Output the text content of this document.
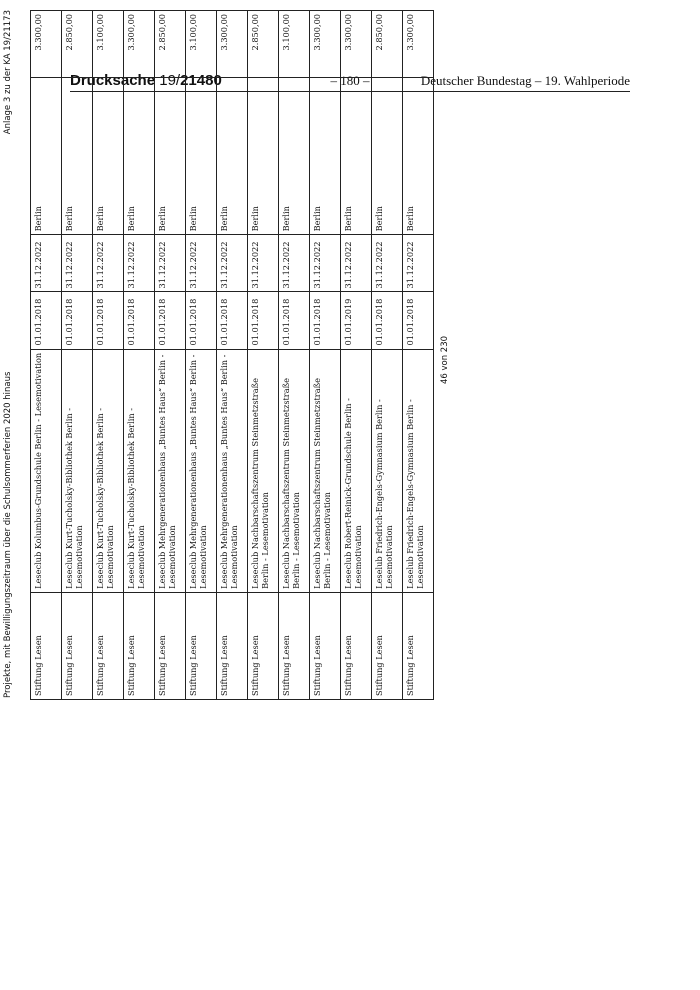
Drucksache 19/21480	– 180 –	Deutscher Bundestag – 19. Wahlperiode
Projekte, mit Bewilligungszeitraum über die Schulsommerferien 2020 hinaus
Anlage 3 zu der KA 19/21173
Stiftung Lesen	Leseclub Kolumbus-Grundschule Berlin - Lesemotivation	01.01.2018	31.12.2022	Berlin	3.300,00
Stiftung Lesen	Leseclub Kurt-Tucholsky-Bibliothek Berlin - Lesemotivation	01.01.2018	31.12.2022	Berlin	2.850,00
Stiftung Lesen	Leseclub Kurt-Tucholsky-Bibliothek Berlin - Lesemotivation	01.01.2018	31.12.2022	Berlin	3.100,00
Stiftung Lesen	Leseclub Kurt-Tucholsky-Bibliothek Berlin - Lesemotivation	01.01.2018	31.12.2022	Berlin	3.300,00
Stiftung Lesen	Leseclub Mehrgenerationenhaus „Buntes Haus“ Berlin - Lesemotivation	01.01.2018	31.12.2022	Berlin	2.850,00
Stiftung Lesen	Leseclub Mehrgenerationenhaus „Buntes Haus“ Berlin - Lesemotivation	01.01.2018	31.12.2022	Berlin	3.100,00
Stiftung Lesen	Leseclub Mehrgenerationenhaus „Buntes Haus“ Berlin - Lesemotivation	01.01.2018	31.12.2022	Berlin	3.300,00
Stiftung Lesen	Leseclub Nachbarschaftszentrum Steinmetzstraße Berlin - Lesemotivation	01.01.2018	31.12.2022	Berlin	2.850,00
Stiftung Lesen	Leseclub Nachbarschaftszentrum Steinmetzstraße Berlin - Lesemotivation	01.01.2018	31.12.2022	Berlin	3.100,00
Stiftung Lesen	Leseclub Nachbarschaftszentrum Steinmetzstraße Berlin - Lesemotivation	01.01.2018	31.12.2022	Berlin	3.300,00
Stiftung Lesen	Leseclub Robert-Reinick-Grundschule Berlin - Lesemotivation	01.01.2019	31.12.2022	Berlin	3.300,00
Stiftung Lesen	Leselub Friedrich-Engels-Gymnasium Berlin - Lesemotivation	01.01.2018	31.12.2022	Berlin	2.850,00
Stiftung Lesen	Leselub Friedrich-Engels-Gymnasium Berlin - Lesemotivation	01.01.2018	31.12.2022	Berlin	3.300,00
46 von 230
